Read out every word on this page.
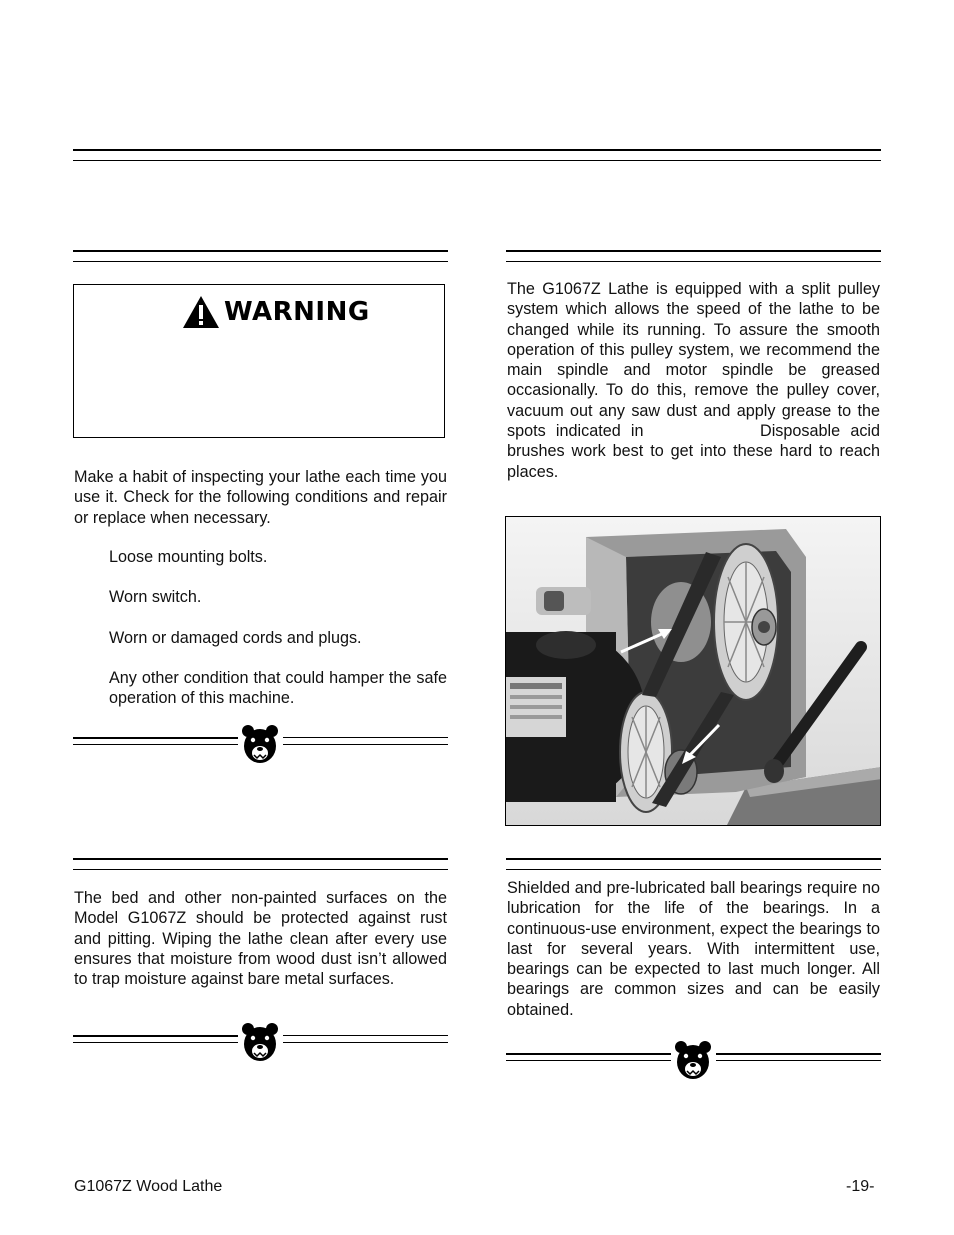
WARNING

Make a habit of inspecting your lathe each time you use it. Check for the following conditions and repair or replace when necessary.

Loose mounting bolts.
Worn switch.
Worn or damaged cords and plugs.
Any other condition that could hamper the safe operation of this machine.

The bed and other non-painted surfaces on the Model G1067Z should be protected against rust and pitting. Wiping the lathe clean after every use ensures that moisture from wood dust isn’t allowed to trap moisture against bare metal surfaces.

The G1067Z Lathe is equipped with a split pulley system which allows the speed of the lathe to be changed while its running. To assure the smooth operation of this pulley system, we recommend the main spindle and motor spindle be greased occasionally. To do this, remove the pulley cover, vacuum out any saw dust and apply grease to the spots indicated in	Disposable acid brushes work best to get into these hard to reach places.

Shielded and pre-lubricated ball bearings require no lubrication for the life of the bearings. In a continuous-use environment, expect the bearings to last for several years. With intermittent use, bearings can be expected to last much longer. All bearings are common sizes and can be easily obtained.

G1067Z Wood Lathe	-19-
